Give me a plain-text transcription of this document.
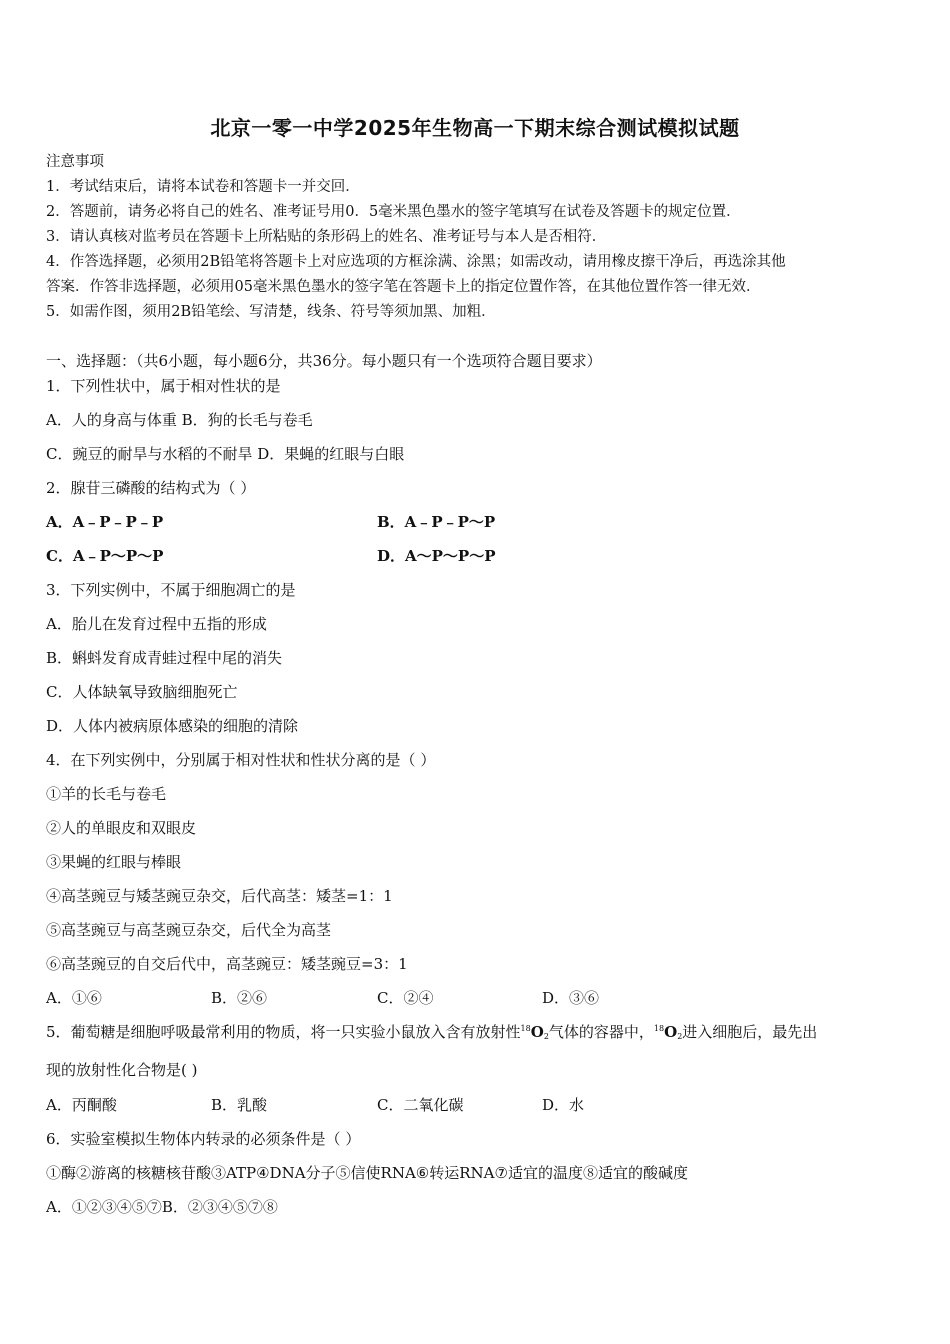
北京一零一中学2025年生物高一下期末综合测试模拟试题
注意事项
1．考试结束后，请将本试卷和答题卡一并交回．
2．答题前，请务必将自己的姓名、准考证号用0．5毫米黑色墨水的签字笔填写在试卷及答题卡的规定位置．
3．请认真核对监考员在答题卡上所粘贴的条形码上的姓名、准考证号与本人是否相符．
4．作答选择题，必须用2B铅笔将答题卡上对应选项的方框涂满、涂黑；如需改动，请用橡皮擦干净后，再选涂其他
答案．作答非选择题，必须用05毫米黑色墨水的签字笔在答题卡上的指定位置作答，在其他位置作答一律无效．
5．如需作图，须用2B铅笔绘、写清楚，线条、符号等须加黑、加粗．
一、选择题：（共6小题，每小题6分，共36分。每小题只有一个选项符合题目要求）
1．下列性状中，属于相对性状的是
A．人的身高与体重 B．狗的长毛与卷毛
C．豌豆的耐旱与水稻的不耐旱 D．果蝇的红眼与白眼
2．腺苷三磷酸的结构式为（ ）
A．A﹣P﹣P﹣P	B．A﹣P﹣P～P
C．A﹣P～P～P	D．A～P～P～P
3．下列实例中，不属于细胞凋亡的是
A．胎儿在发育过程中五指的形成
B．蝌蚪发育成青蛙过程中尾的消失
C．人体缺氧导致脑细胞死亡
D．人体内被病原体感染的细胞的清除
4．在下列实例中，分别属于相对性状和性状分离的是（ ）
①羊的长毛与卷毛
②人的单眼皮和双眼皮
③果蝇的红眼与棒眼
④高茎豌豆与矮茎豌豆杂交，后代高茎：矮茎=1：1
⑤高茎豌豆与高茎豌豆杂交，后代全为高茎
⑥高茎豌豆的自交后代中，高茎豌豆：矮茎豌豆=3：1
A．①⑥	B．②⑥	C．②④	D．③⑥
5．葡萄糖是细胞呼吸最常利用的物质，将一只实验小鼠放入含有放射性$^{18}O_2$气体的容器中，$^{18}O_2$进入细胞后，最先出
现的放射性化合物是( )
A．丙酮酸	B．乳酸	C．二氧化碳	D．水
6．实验室模拟生物体内转录的必须条件是（ ）
①酶②游离的核糖核苷酸③ATP④DNA分子⑤信使RNA⑥转运RNA⑦适宜的温度⑧适宜的酸碱度
A．①②③④⑤⑦B．②③④⑤⑦⑧
